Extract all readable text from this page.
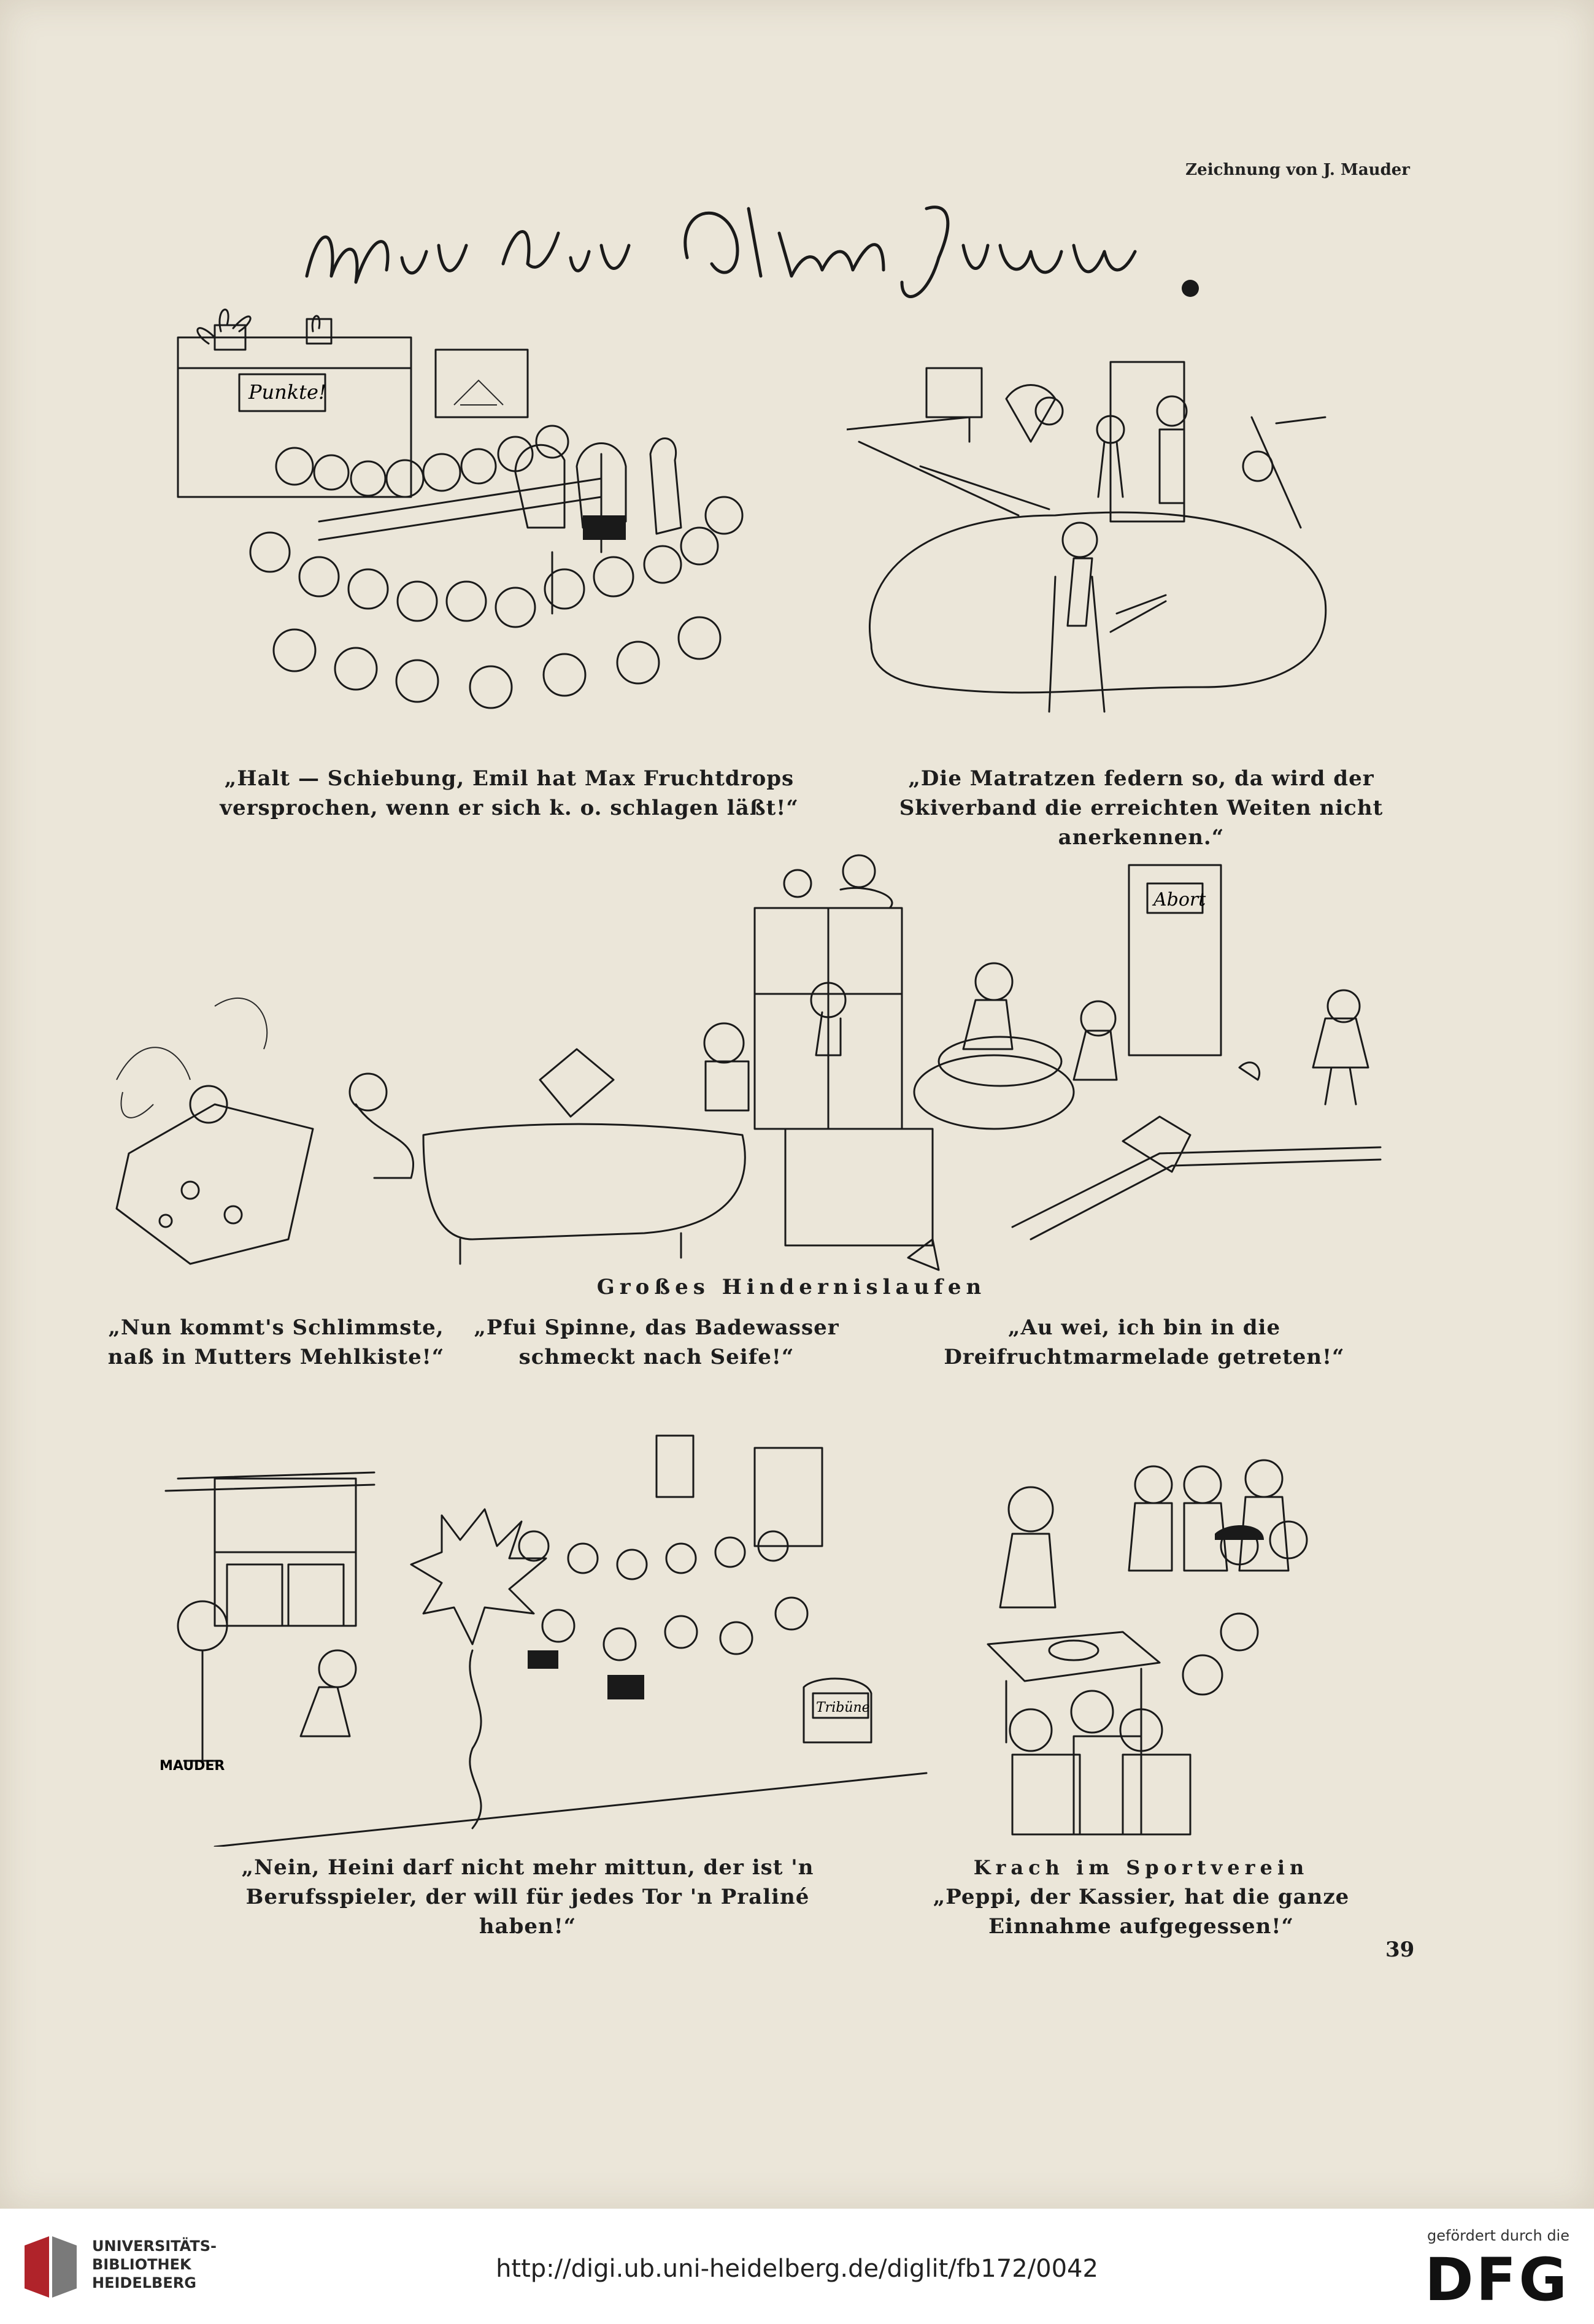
Zeichnung von J. Mauder
Punkte!
„Halt — Schiebung, Emil hat Max Fruchtdrops versprochen, wenn er sich k. o. schlagen läßt!“
„Die Matratzen federn so, da wird der Skiverband die erreichten Weiten nicht anerkennen.“
Abort
Großes Hindernislaufen
„Nun kommt's Schlimmste, naß in Mutters Mehlkiste!“
„Pfui Spinne, das Badewasser schmeckt nach Seife!“
„Au wei, ich bin in die Dreifruchtmarmelade getreten!“
Tribüne
MAUDER
„Nein, Heini darf nicht mehr mittun, der ist 'n Berufsspieler, der will für jedes Tor 'n Praliné haben!“
Krach im Sportverein
„Peppi, der Kassier, hat die ganze Einnahme aufgegessen!“
39
UNIVERSITÄTS-
BIBLIOTHEK
HEIDELBERG	http://digi.ub.uni-heidelberg.de/diglit/fb172/0042
gefördert durch die
DFG
